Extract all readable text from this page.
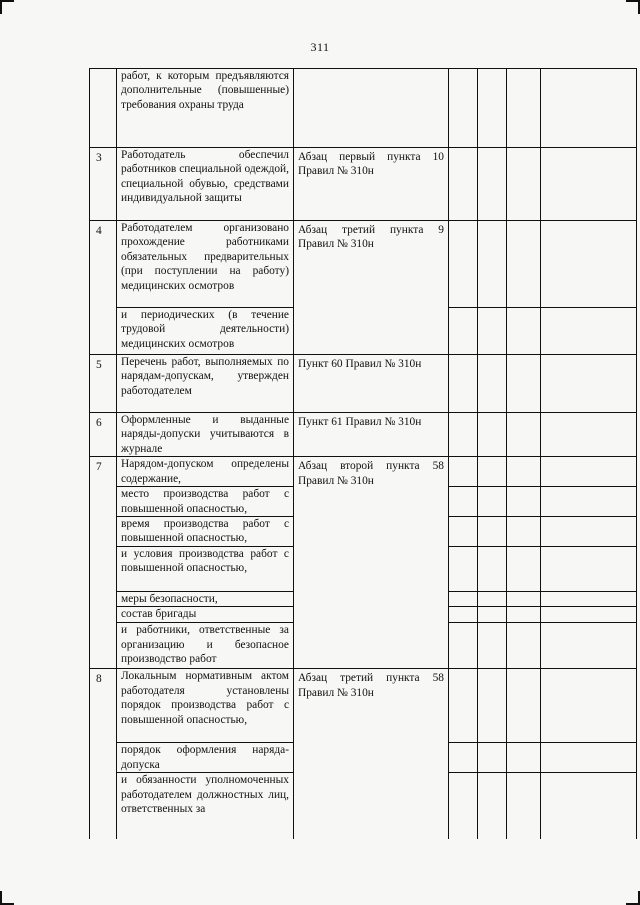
311
	работ, к которым предъявляются дополнительные (повышенные) требования охраны труда					
3	Работодатель обеспечил работников специальной одеждой, специальной обувью, средствами индивидуальной защиты	Абзац первый пункта 10 Правил № 310н				
4	Работодателем организовано прохождение работниками обязательных предварительных (при поступлении на работу) медицинских осмотров	Абзац третий пункта 9 Правил № 310н				
	и периодических (в течение трудовой деятельности) медицинских осмотров					
5	Перечень работ, выполняемых по нарядам-допускам, утвержден работодателем	Пункт 60 Правил № 310н				
6	Оформленные и выданные наряды-допуски учитываются в журнале	Пункт 61 Правил № 310н				
7	Нарядом-допуском определены содержание,	Абзац второй пункта 58 Правил № 310н				
	место производства работ с повышенной опасностью,					
	время производства работ с повышенной опасностью,					
	и условия производства работ с повышенной опасностью,					
	меры безопасности,					
	состав бригады					
	и работники, ответственные за организацию и безопасное производство работ					
8	Локальным нормативным актом работодателя установлены порядок производства работ с повышенной опасностью,	Абзац третий пункта 58 Правил № 310н				
	порядок оформления наряда-допуска					
	и обязанности уполномоченных работодателем должностных лиц, ответственных за					
